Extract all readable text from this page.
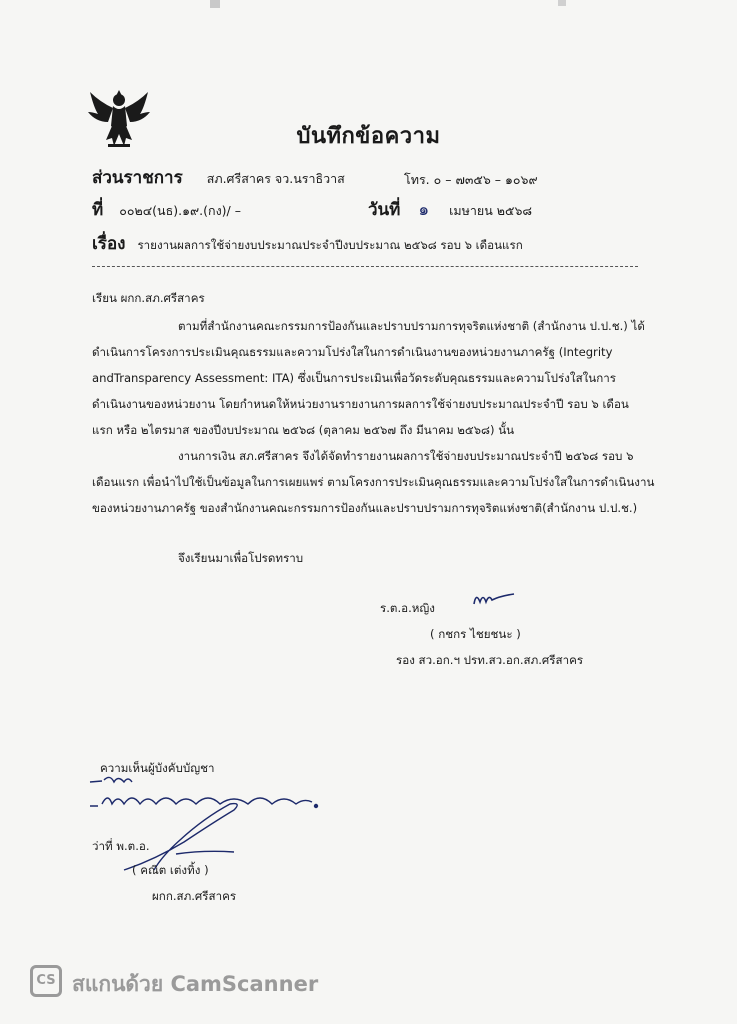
บันทึกข้อความ
ส่วนราชการ สภ.ศรีสาคร จว.นราธิวาส	โทร. ๐ – ๗๓๕๖ – ๑๐๖๙
ที่ ๐๐๒๔(นธ).๑๙.(กง)/ –	วันที่ ๑ เมษายน ๒๕๖๘
เรื่อง รายงานผลการใช้จ่ายงบประมาณประจำปีงบประมาณ ๒๕๖๘ รอบ ๖ เดือนแรก
เรียน ผกก.สภ.ศรีสาคร
ตามที่สำนักงานคณะกรรมการป้องกันและปราบปรามการทุจริตแห่งชาติ (สำนักงาน ป.ป.ช.) ได้
ดำเนินการโครงการประเมินคุณธรรมและความโปร่งใสในการดำเนินงานของหน่วยงานภาครัฐ (Integrity
andTransparency Assessment: ITA) ซึ่งเป็นการประเมินเพื่อวัดระดับคุณธรรมและความโปร่งใสในการ
ดำเนินงานของหน่วยงาน โดยกำหนดให้หน่วยงานรายงานการผลการใช้จ่ายงบประมาณประจำปี รอบ ๖ เดือน
แรก หรือ ๒ไตรมาส ของปีงบประมาณ ๒๕๖๘ (ตุลาคม ๒๕๖๗ ถึง มีนาคม ๒๕๖๘) นั้น
งานการเงิน สภ.ศรีสาคร จึงได้จัดทำรายงานผลการใช้จ่ายงบประมาณประจำปี ๒๕๖๘ รอบ ๖
เดือนแรก เพื่อนำไปใช้เป็นข้อมูลในการเผยแพร่ ตามโครงการประเมินคุณธรรมและความโปร่งใสในการดำเนินงาน
ของหน่วยงานภาครัฐ ของสำนักงานคณะกรรมการป้องกันและปราบปรามการทุจริตแห่งชาติ(สำนักงาน ป.ป.ช.)
จึงเรียนมาเพื่อโปรดทราบ
ร.ต.อ.หญิง
( กชกร ไชยชนะ )
รอง สว.อก.ฯ ปรท.สว.อก.สภ.ศรีสาคร
ความเห็นผู้บังคับบัญชา
ว่าที่ พ.ต.อ.
( คณิต เต่งทิ้ง )
ผกก.สภ.ศรีสาคร
CS สแกนด้วย CamScanner
